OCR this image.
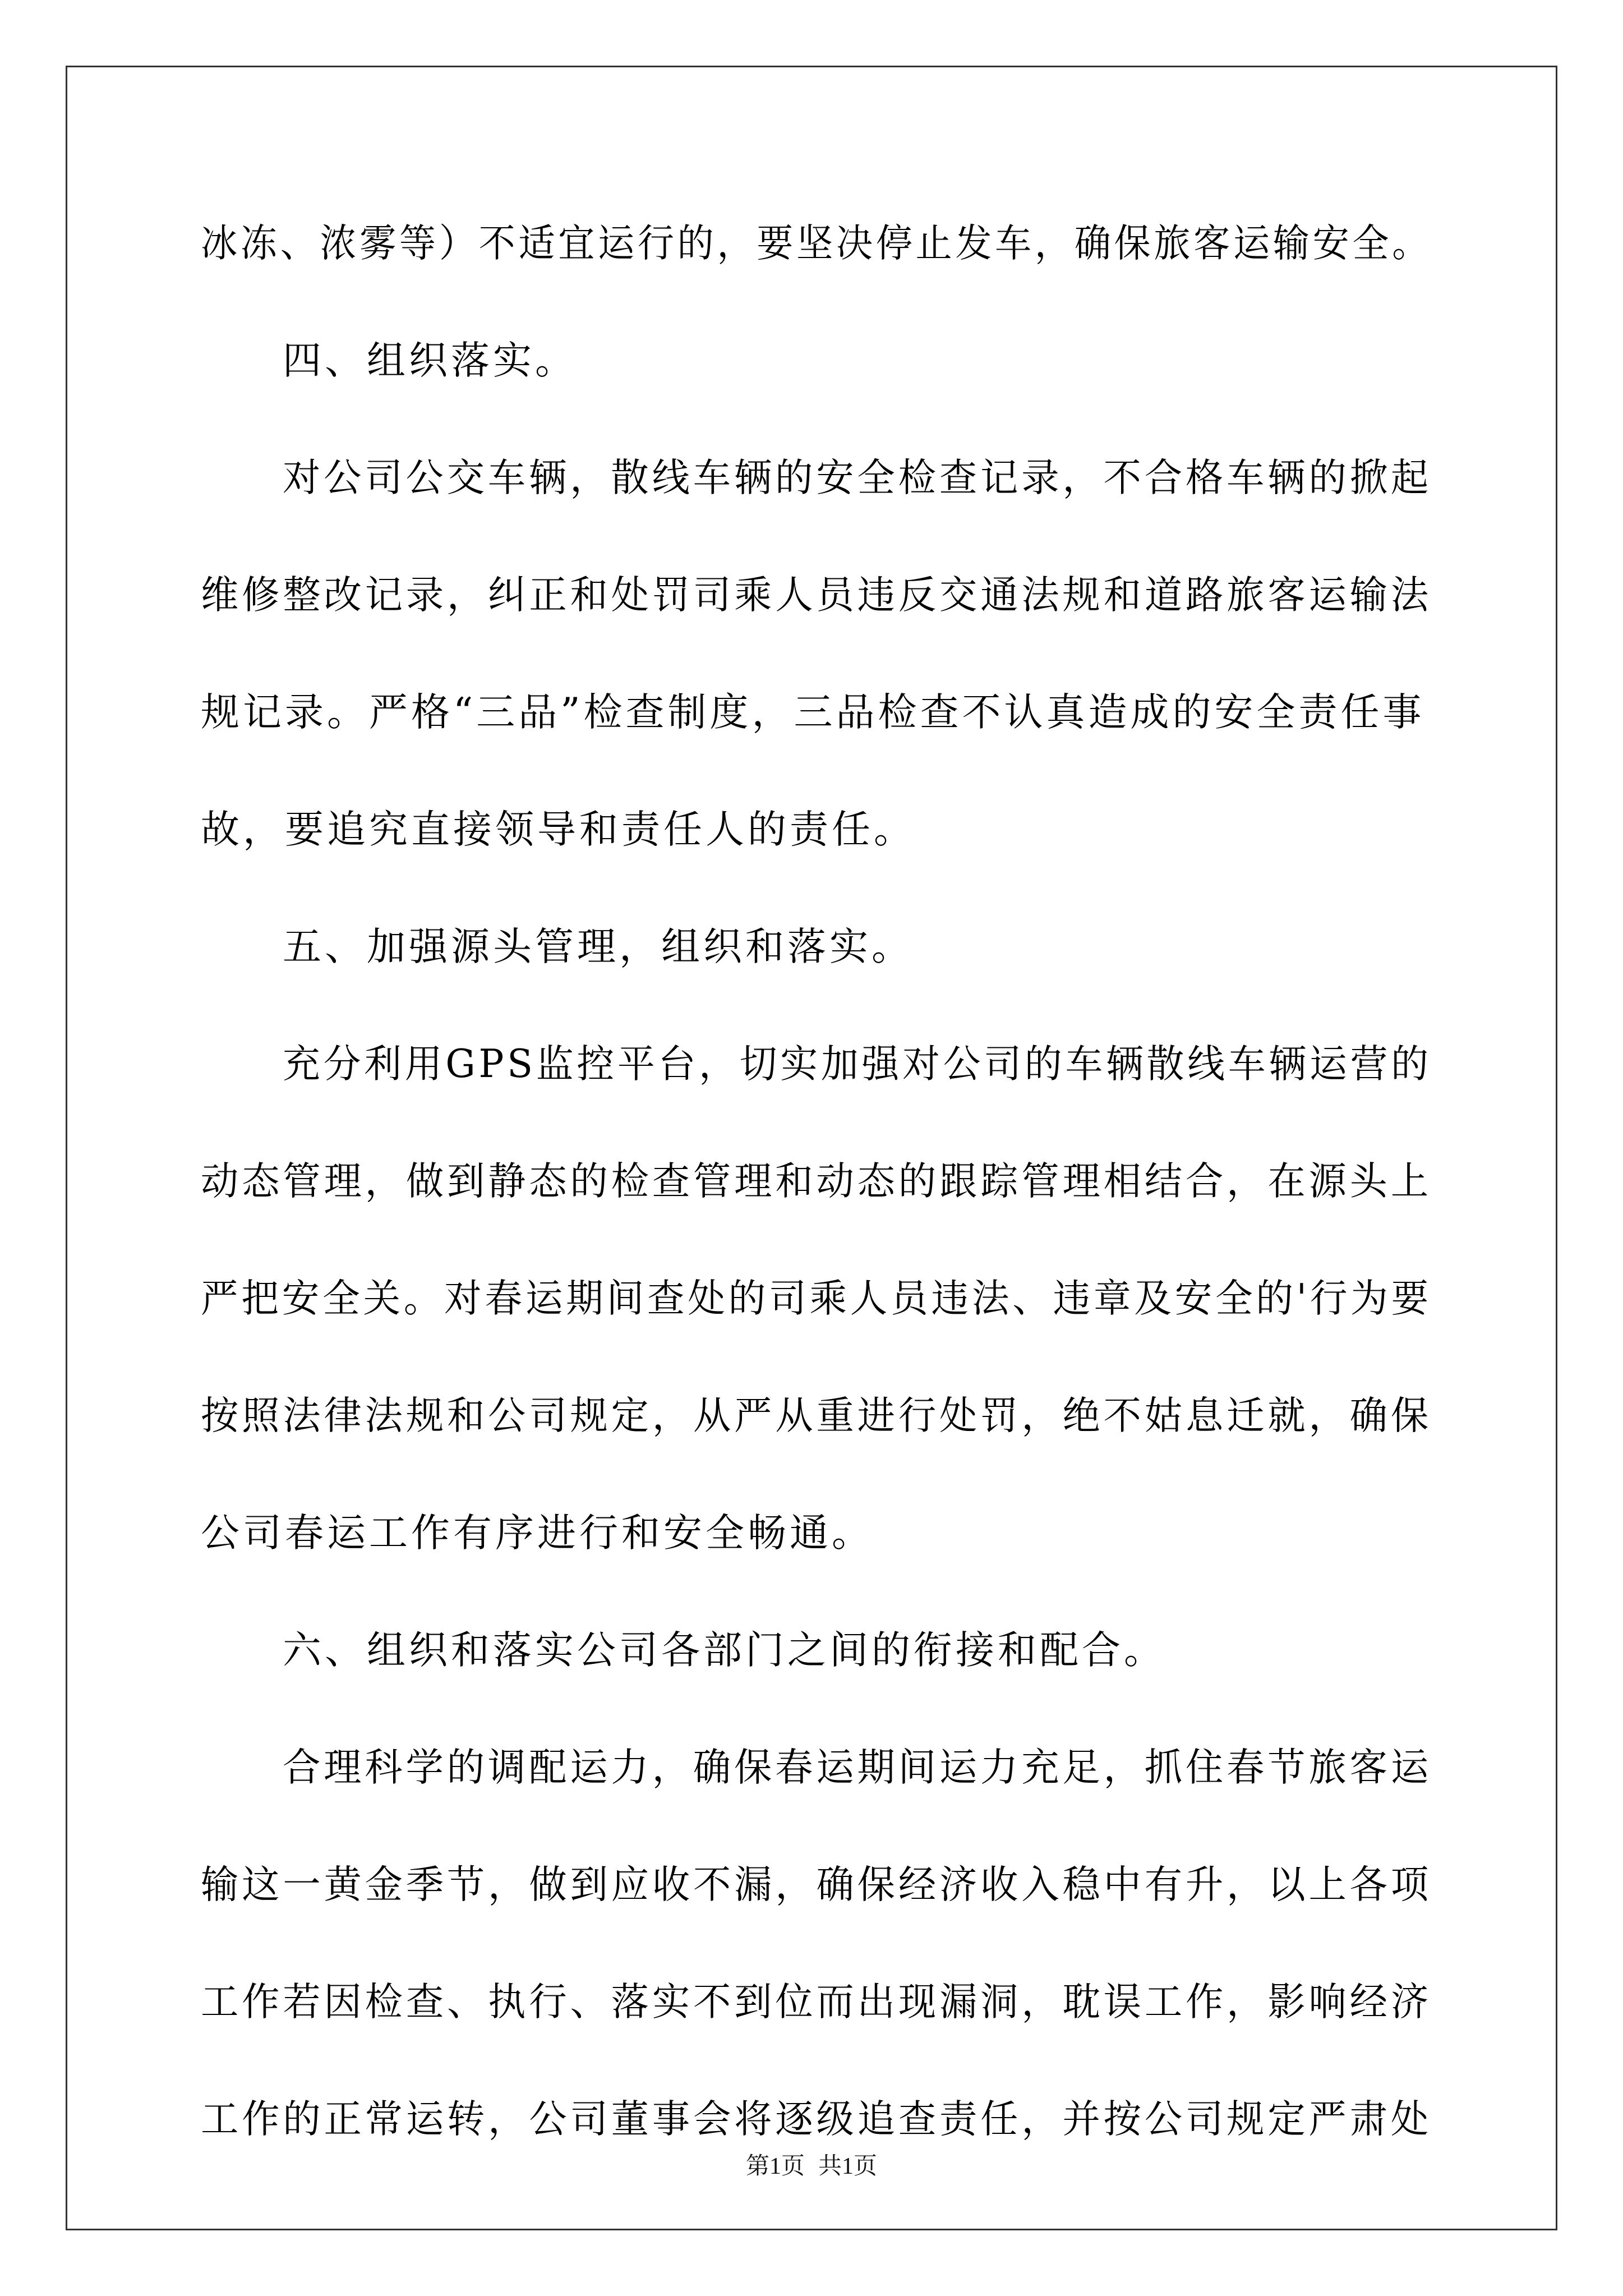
冰冻、浓雾等）不适宜运行的，要坚决停止发车，确保旅客运输安全。
四、组织落实。
对公司公交车辆，散线车辆的安全检查记录，不合格车辆的掀起
维修整改记录，纠正和处罚司乘人员违反交通法规和道路旅客运输法
规记录。严格“三品”检查制度，三品检查不认真造成的安全责任事
故，要追究直接领导和责任人的责任。
五、加强源头管理，组织和落实。
充分利用GPS监控平台，切实加强对公司的车辆散线车辆运营的
动态管理，做到静态的检查管理和动态的跟踪管理相结合，在源头上
严把安全关。对春运期间查处的司乘人员违法、违章及安全的'行为要
按照法律法规和公司规定，从严从重进行处罚，绝不姑息迁就，确保
公司春运工作有序进行和安全畅通。
六、组织和落实公司各部门之间的衔接和配合。
合理科学的调配运力，确保春运期间运力充足，抓住春节旅客运
输这一黄金季节，做到应收不漏，确保经济收入稳中有升，以上各项
工作若因检查、执行、落实不到位而出现漏洞，耽误工作，影响经济
工作的正常运转，公司董事会将逐级追查责任，并按公司规定严肃处
第1页 共1页
